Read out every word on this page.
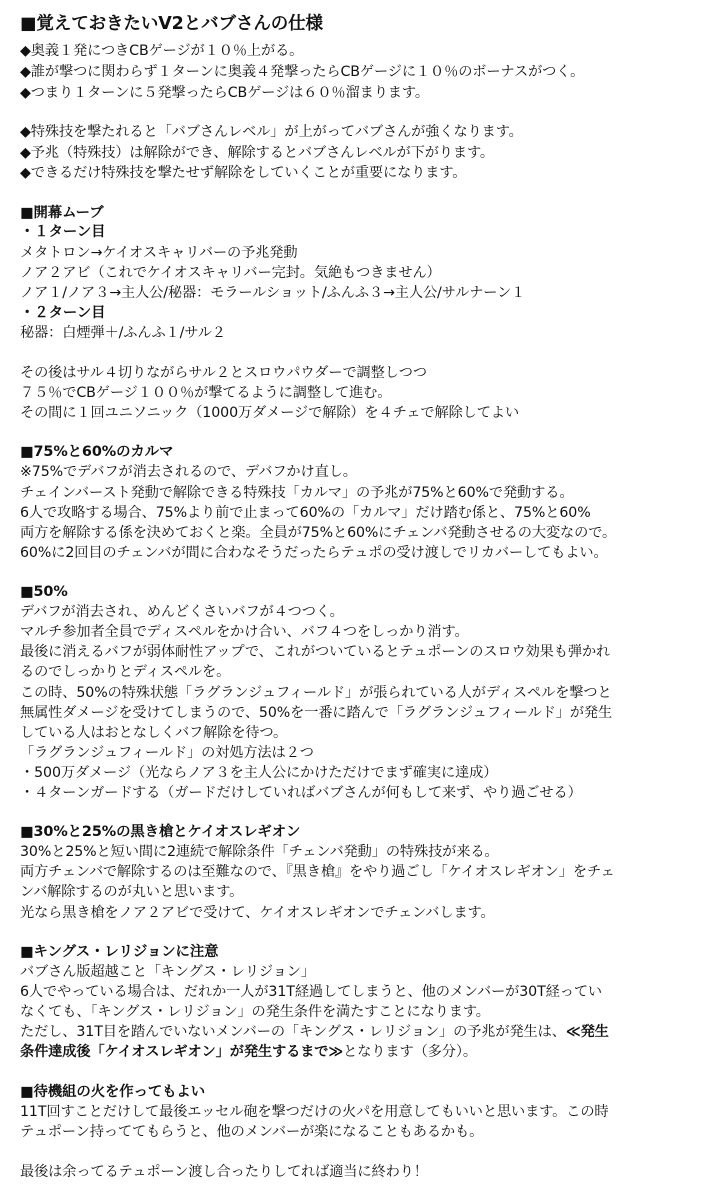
■覚えておきたいV2とバブさんの仕様
◆奥義１発につきCBゲージが１０％上がる。
◆誰が撃つに関わらず１ターンに奥義４発撃ったらCBゲージに１０％のボーナスがつく。
◆つまり１ターンに５発撃ったらCBゲージは６０％溜まります。
◆特殊技を撃たれると「バブさんレベル」が上がってバブさんが強くなります。
◆予兆（特殊技）は解除ができ、解除するとバブさんレベルが下がります。
◆できるだけ特殊技を撃たせず解除をしていくことが重要になります。
■開幕ムーブ
・１ターン目
メタトロン→ケイオスキャリバーの予兆発動
ノア２アビ（これでケイオスキャリバー完封。気絶もつきません）
ノア１/ノア３→主人公/秘器：モラールショット/ふんふ３→主人公/サルナーン１
・２ターン目
秘器：白煙弾＋/ふんふ１/サル２
その後はサル４切りながらサル２とスロウパウダーで調整しつつ
７５％でCBゲージ１００％が撃てるように調整して進む。
その間に１回ユニソニック（1000万ダメージで解除）を４チェで解除してよい
■75%と60%のカルマ
※75%でデバフが消去されるので、デバフかけ直し。
チェインバースト発動で解除できる特殊技「カルマ」の予兆が75%と60%で発動する。
6人で攻略する場合、75%より前で止まって60%の「カルマ」だけ踏む係と、75%と60%
両方を解除する係を決めておくと楽。全員が75%と60%にチェンバ発動させるの大変なので。
60%に2回目のチェンバが間に合わなそうだったらテュポの受け渡しでリカバーしてもよい。
■50%
デバフが消去され、めんどくさいバフが４つつく。
マルチ参加者全員でディスペルをかけ合い、バフ４つをしっかり消す。
最後に消えるバフが弱体耐性アップで、これがついているとテュポーンのスロウ効果も弾かれ
るのでしっかりとディスペルを。
この時、50%の特殊状態「ラグランジュフィールド」が張られている人がディスペルを撃つと
無属性ダメージを受けてしまうので、50%を一番に踏んで「ラグランジュフィールド」が発生
している人はおとなしくバフ解除を待つ。
「ラグランジュフィールド」の対処方法は２つ
・500万ダメージ（光ならノア３を主人公にかけただけでまず確実に達成）
・４ターンガードする（ガードだけしていればバブさんが何もして来ず、やり過ごせる）
■30%と25%の黒き槍とケイオスレギオン
30%と25%と短い間に2連続で解除条件「チェンバ発動」の特殊技が来る。
両方チェンバで解除するのは至難なので、『黒き槍』をやり過ごし「ケイオスレギオン」をチェ
ンバ解除するのが丸いと思います。
光なら黒き槍をノア２アビで受けて、ケイオスレギオンでチェンバします。
■キングス・レリジョンに注意
バブさん版超越こと「キングス・レリジョン」
6人でやっている場合は、だれか一人が31T経過してしまうと、他のメンバーが30T経ってい
なくても、「キングス・レリジョン」の発生条件を満たすことになります。
ただし、31T目を踏んでいないメンバーの「キングス・レリジョン」の予兆が発生は、≪発生
条件達成後「ケイオスレギオン」が発生するまで≫となります（多分）。
■待機組の火を作ってもよい
11T回すことだけして最後エッセル砲を撃つだけの火パを用意してもいいと思います。この時
テュポーン持っててもらうと、他のメンバーが楽になることもあるかも。
最後は余ってるテュポーン渡し合ったりしてれば適当に終わり！
